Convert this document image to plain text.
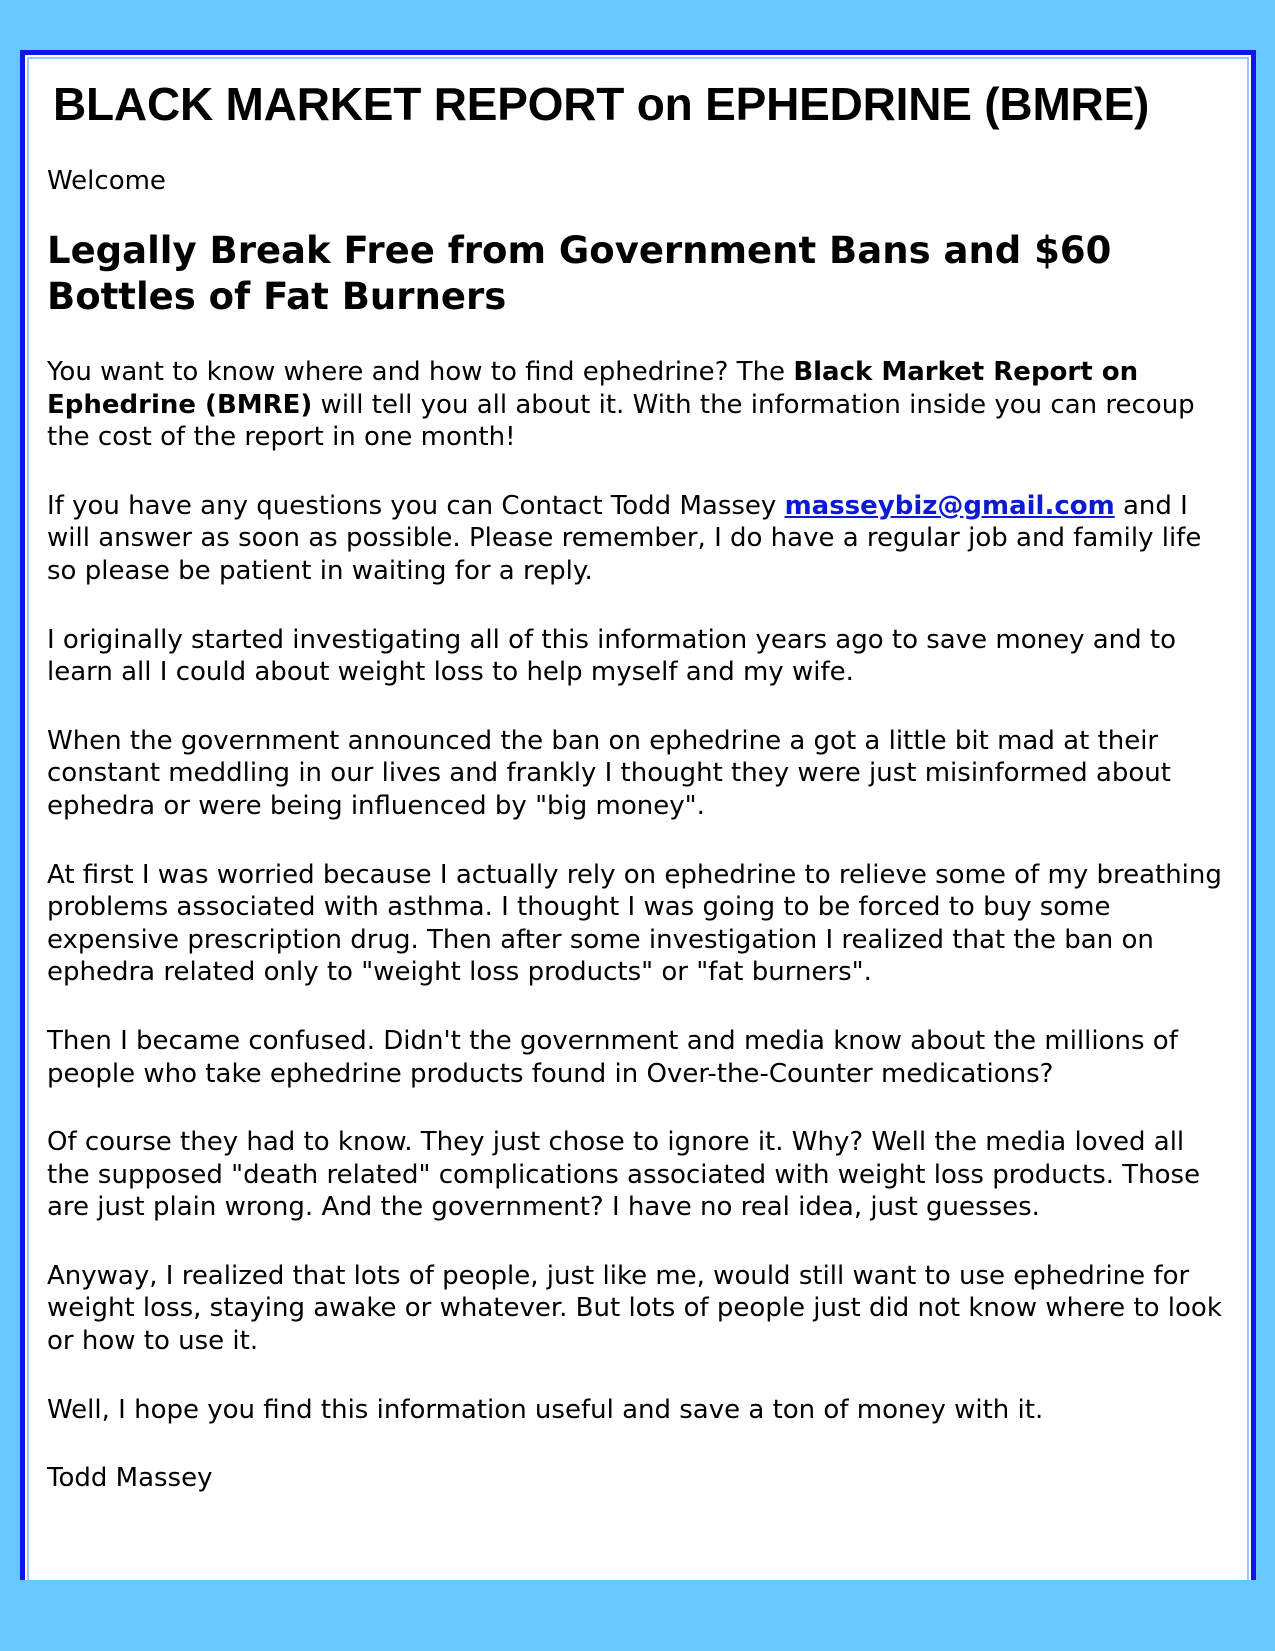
BLACK MARKET REPORT on EPHEDRINE (BMRE)
Welcome
Legally Break Free from Government Bans and $60 Bottles of Fat Burners

You want to know where and how to find ephedrine? The Black Market Report on Ephedrine (BMRE) will tell you all about it. With the information inside you can recoup the cost of the report in one month!

If you have any questions you can Contact Todd Massey masseybiz@gmail.com and I will answer as soon as possible. Please remember, I do have a regular job and family life so please be patient in waiting for a reply.

I originally started investigating all of this information years ago to save money and to learn all I could about weight loss to help myself and my wife.

When the government announced the ban on ephedrine a got a little bit mad at their constant meddling in our lives and frankly I thought they were just misinformed about ephedra or were being influenced by "big money".

At first I was worried because I actually rely on ephedrine to relieve some of my breathing problems associated with asthma. I thought I was going to be forced to buy some expensive prescription drug. Then after some investigation I realized that the ban on ephedra related only to "weight loss products" or "fat burners".

Then I became confused. Didn't the government and media know about the millions of people who take ephedrine products found in Over-the-Counter medications?

Of course they had to know. They just chose to ignore it. Why? Well the media loved all the supposed "death related" complications associated with weight loss products. Those are just plain wrong. And the government? I have no real idea, just guesses.

Anyway, I realized that lots of people, just like me, would still want to use ephedrine for weight loss, staying awake or whatever. But lots of people just did not know where to look or how to use it.

Well, I hope you find this information useful and save a ton of money with it.

Todd Massey
